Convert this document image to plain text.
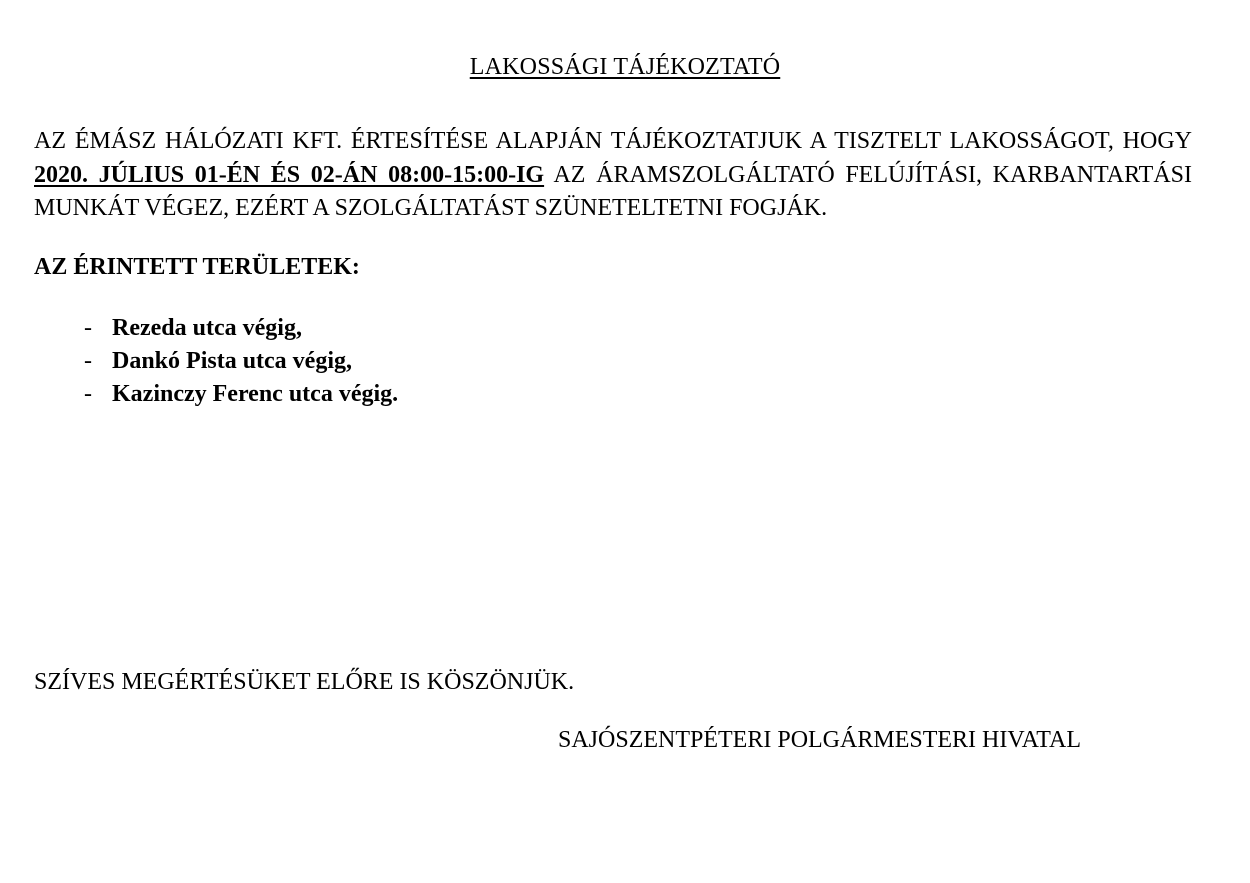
LAKOSSÁGI TÁJÉKOZTATÓ
AZ ÉMÁSZ HÁLÓZATI KFT. ÉRTESÍTÉSE ALAPJÁN TÁJÉKOZTATJUK A TISZTELT LAKOSSÁGOT, HOGY 2020. JÚLIUS 01-ÉN ÉS 02-ÁN 08:00-15:00-IG AZ ÁRAMSZOLGÁLTATÓ FELÚJÍTÁSI, KARBANTARTÁSI MUNKÁT VÉGEZ, EZÉRT A SZOLGÁLTATÁST SZÜNETELTETNI FOGJÁK.
AZ ÉRINTETT TERÜLETEK:
- Rezeda utca végig,
- Dankó Pista utca végig,
- Kazinczy Ferenc utca végig.
SZÍVES MEGÉRTÉSÜKET ELŐRE IS KÖSZÖNJÜK.
SAJÓSZENTPÉTERI POLGÁRMESTERI HIVATAL
